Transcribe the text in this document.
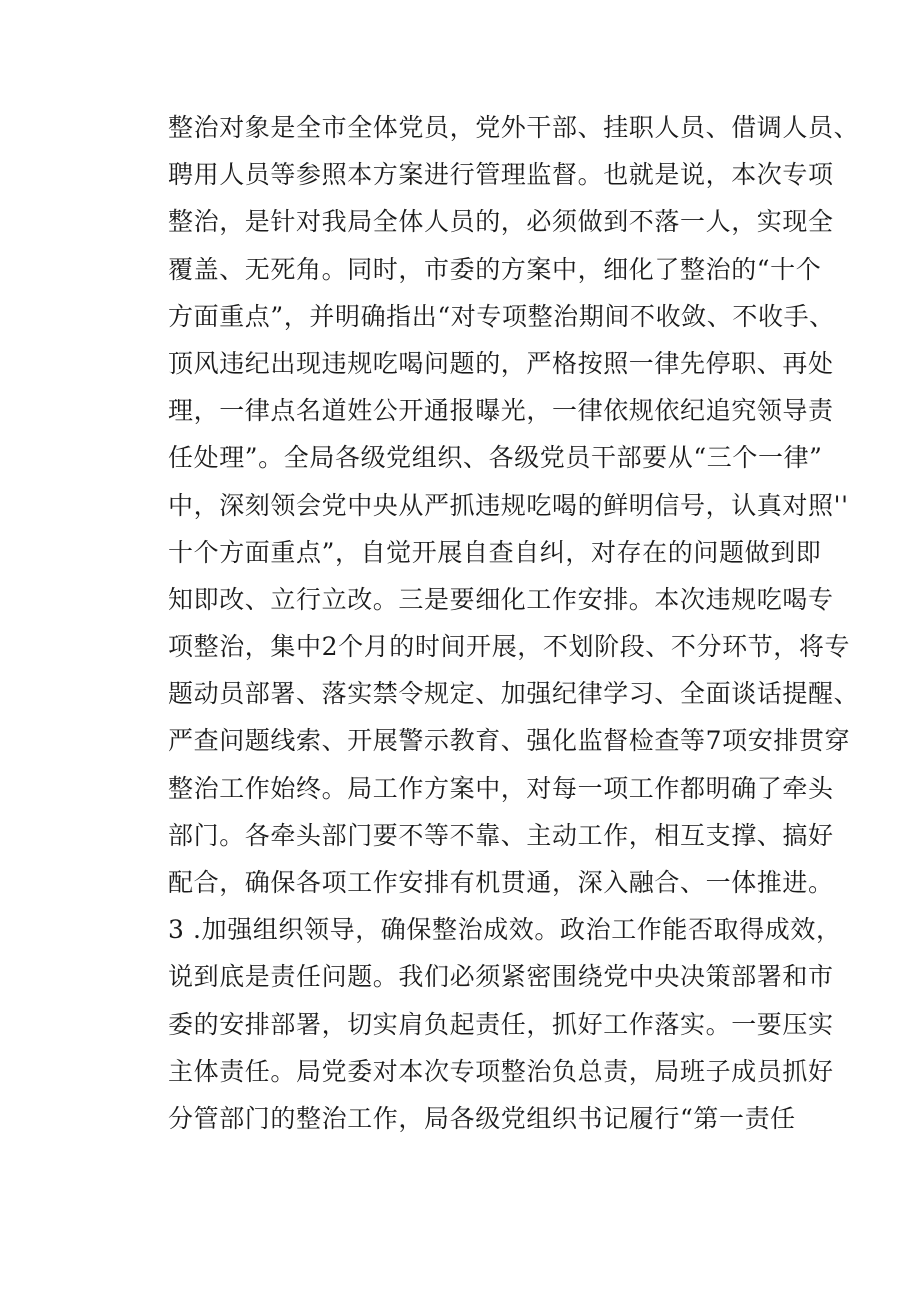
整治对象是全市全体党员，党外干部、挂职人员、借调人员、
聘用人员等参照本方案进行管理监督。也就是说，本次专项
整治，是针对我局全体人员的，必须做到不落一人，实现全
覆盖、无死角。同时，市委的方案中，细化了整治的“十个
方面重点”，并明确指出“对专项整治期间不收敛、不收手、
顶风违纪出现违规吃喝问题的，严格按照一律先停职、再处
理，一律点名道姓公开通报曝光，一律依规依纪追究领导责
任处理”。全局各级党组织、各级党员干部要从“三个一律”
中，深刻领会党中央从严抓违规吃喝的鲜明信号，认真对照''
十个方面重点”，自觉开展自查自纠，对存在的问题做到即
知即改、立行立改。三是要细化工作安排。本次违规吃喝专
项整治，集中2个月的时间开展，不划阶段、不分环节，将专
题动员部署、落实禁令规定、加强纪律学习、全面谈话提醒、
严查问题线索、开展警示教育、强化监督检查等7项安排贯穿
整治工作始终。局工作方案中，对每一项工作都明确了牵头
部门。各牵头部门要不等不靠、主动工作，相互支撑、搞好
配合，确保各项工作安排有机贯通，深入融合、一体推进。
3 .加强组织领导，确保整治成效。政治工作能否取得成效，
说到底是责任问题。我们必须紧密围绕党中央决策部署和市
委的安排部署，切实肩负起责任，抓好工作落实。一要压实
主体责任。局党委对本次专项整治负总责，局班子成员抓好
分管部门的整治工作，局各级党组织书记履行“第一责任
